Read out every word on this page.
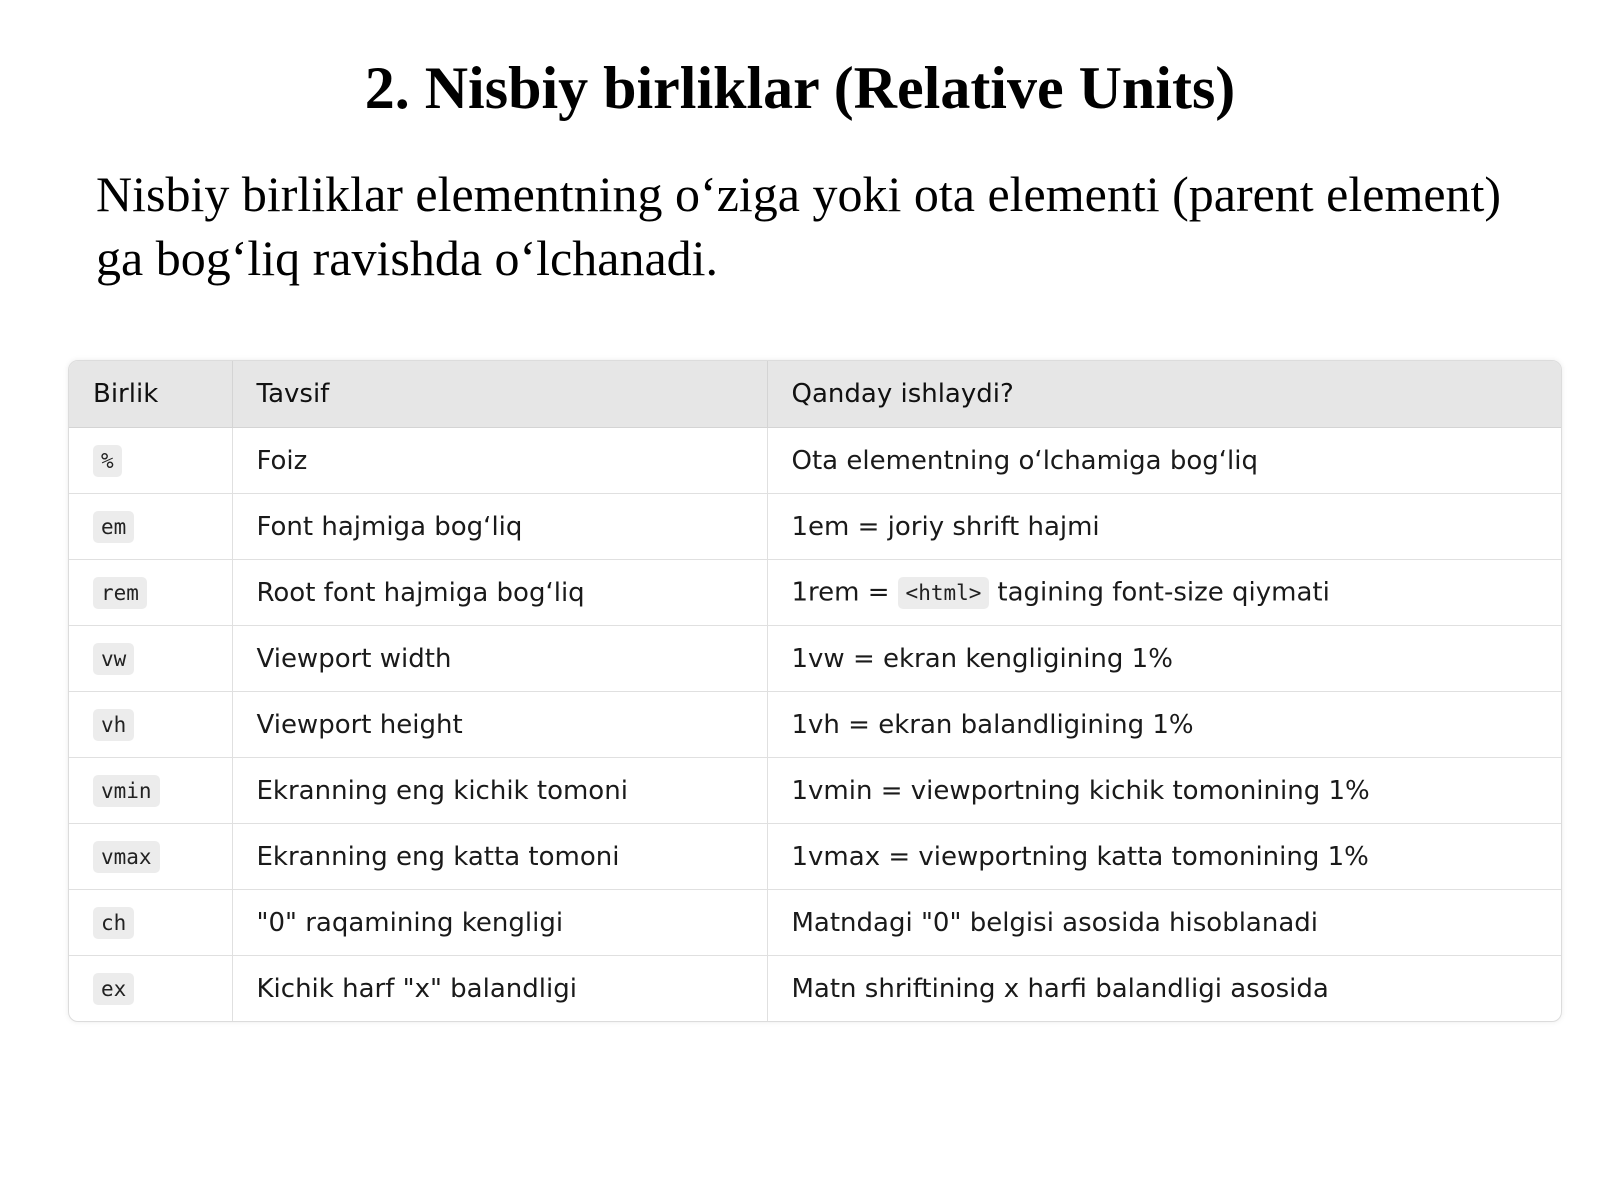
2. Nisbiy birliklar (Relative Units)

Nisbiy birliklar elementning o‘ziga yoki ota elementi (parent element) ga bog‘liq ravishda o‘lchanadi.

Birlik	Tavsif	Qanday ishlaydi?
%	Foiz	Ota elementning o‘lchamiga bog‘liq
em	Font hajmiga bog‘liq	1em = joriy shrift hajmi
rem	Root font hajmiga bog‘liq	1rem = <html> tagining font-size qiymati
vw	Viewport width	1vw = ekran kengligining 1%
vh	Viewport height	1vh = ekran balandligining 1%
vmin	Ekranning eng kichik tomoni	1vmin = viewportning kichik tomonining 1%
vmax	Ekranning eng katta tomoni	1vmax = viewportning katta tomonining 1%
ch	"0" raqamining kengligi	Matndagi "0" belgisi asosida hisoblanadi
ex	Kichik harf "x" balandligi	Matn shriftining x harfi balandligi asosida
